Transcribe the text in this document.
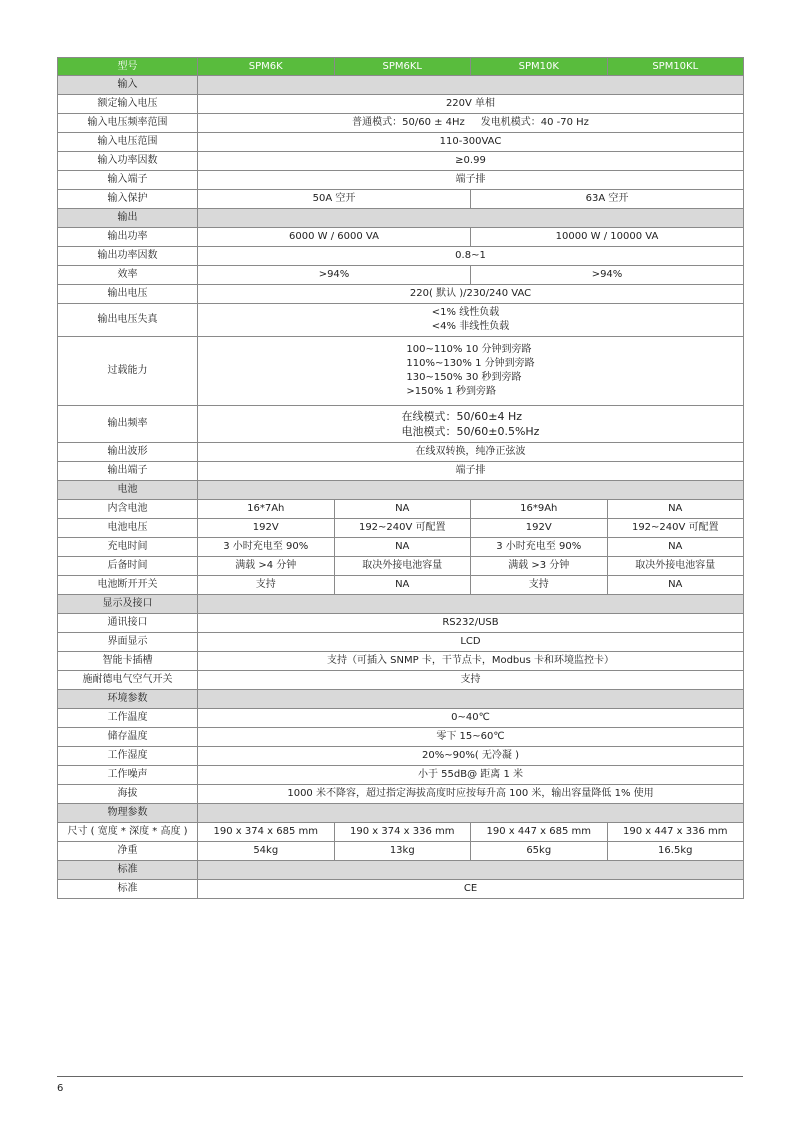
型号	SPM6K	SPM6KL	SPM10K	SPM10KL
输入				
额定输入电压	220V 单相			
输入电压频率范围	普通模式：50/60 ± 4Hz 发电机模式：40 -70 Hz			
输入电压范围	110-300VAC			
输入功率因数	≥0.99			
输入端子	端子排			
输入保护	50A 空开		63A 空开	
输出				
输出功率	6000 W / 6000 VA		10000 W / 10000 VA	
输出功率因数	0.8~1			
效率	>94%		>94%	
输出电压	220( 默认 )/230/240 VAC			
输出电压失真	<1% 线性负载
<4% 非线性负载			

过载能力	100~110% 10 分钟到旁路
110%~130% 1 分钟到旁路
130~150% 30 秒到旁路
>150% 1 秒到旁路			

输出频率	在线模式：50/60±4 Hz
电池模式：50/60±0.5%Hz			

输出波形	在线双转换，纯净正弦波			
输出端子	端子排			
电池				
内含电池	16*7Ah	NA	16*9Ah	NA
电池电压	192V	192~240V 可配置	192V	192~240V 可配置
充电时间	3 小时充电至 90%	NA	3 小时充电至 90%	NA
后备时间	满载 >4 分钟	取决外接电池容量	满载 >3 分钟	取决外接电池容量
电池断开开关	支持	NA	支持	NA
显示及接口				
通讯接口	RS232/USB			
界面显示	LCD			
智能卡插槽	支持（可插入 SNMP 卡，干节点卡，Modbus 卡和环境监控卡）			
施耐德电气空气开关	支持			
环境参数				
工作温度	0~40℃			
储存温度	零下 15~60℃			
工作湿度	20%~90%( 无冷凝 )			
工作噪声	小于 55dB@ 距离 1 米			
海拔	1000 米不降容，超过指定海拔高度时应按每升高 100 米，输出容量降低 1% 使用			
物理参数				
尺寸 ( 宽度 * 深度 * 高度 )	190 x 374 x 685 mm	190 x 374 x 336 mm	190 x 447 x 685 mm	190 x 447 x 336 mm
净重	54kg	13kg	65kg	16.5kg
标准				
标准	CE			
6
